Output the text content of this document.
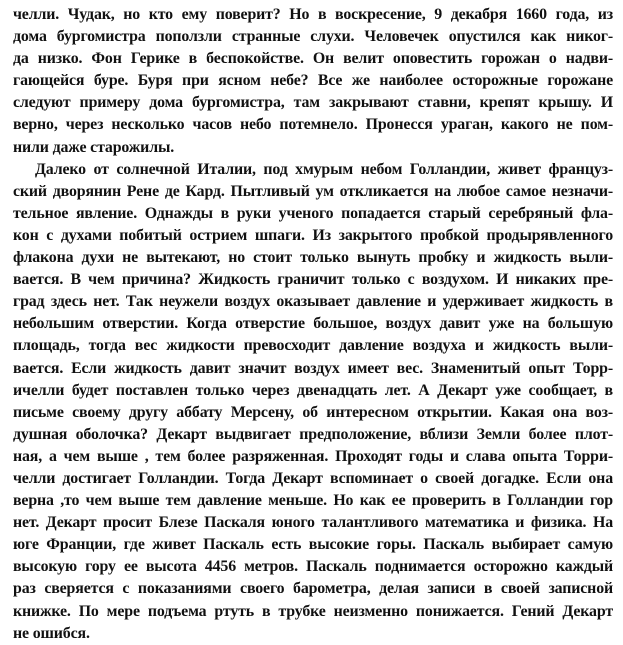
челли. Чудак, но кто ему поверит? Но в воскресение, 9 декабря 1660 года, из
дома бургомистра поползли странные слухи. Человечек опустился как никог-
да низко. Фон Герике в беспокойстве. Он велит оповестить горожан о надви-
гающейся буре. Буря при ясном небе? Все же наиболее осторожные горожане
следуют примеру дома бургомистра, там закрывают ставни, крепят крышу. И
верно, через несколько часов небо потемнело. Пронесся ураган, какого не пом-
нили даже старожилы.
Далеко от солнечной Италии, под хмурым небом Голландии, живет француз-
ский дворянин Рене де Кард. Пытливый ум откликается на любое самое незначи-
тельное явление. Однажды в руки ученого попадается старый серебряный фла-
кон с духами побитый острием шпаги. Из закрытого пробкой продырявленного
флакона духи не вытекают, но стоит только вынуть пробку и жидкость выли-
вается. В чем причина? Жидкость граничит только с воздухом. И никаких пре-
град здесь нет. Так неужели воздух оказывает давление и удерживает жидкость в
небольшим отверстии. Когда отверстие большое, воздух давит уже на большую
площадь, тогда вес жидкости превосходит давление воздуха и жидкость выли-
вается. Если жидкость давит значит воздух имеет вес. Знаменитый опыт Торр-
ичелли будет поставлен только через двенадцать лет. А Декарт уже сообщает, в
письме своему другу аббату Мерсену, об интересном открытии. Какая она воз-
душная оболочка? Декарт выдвигает предположение, вблизи Земли более плот-
ная, а чем выше , тем более разряженная. Проходят годы и слава опыта Торри-
челли достигает Голландии. Тогда Декарт вспоминает о своей догадке. Если она
верна ,то чем выше тем давление меньше. Но как ее проверить в Голландии гор
нет. Декарт просит Блезе Паскаля юного талантливого математика и физика. На
юге Франции, где живет Паскаль есть высокие горы. Паскаль выбирает самую
высокую гору ее высота 4456 метров. Паскаль поднимается осторожно каждый
раз сверяется с показаниями своего барометра, делая записи в своей записной
книжке. По мере подъема ртуть в трубке неизменно понижается. Гений Декарт
не ошибся.
